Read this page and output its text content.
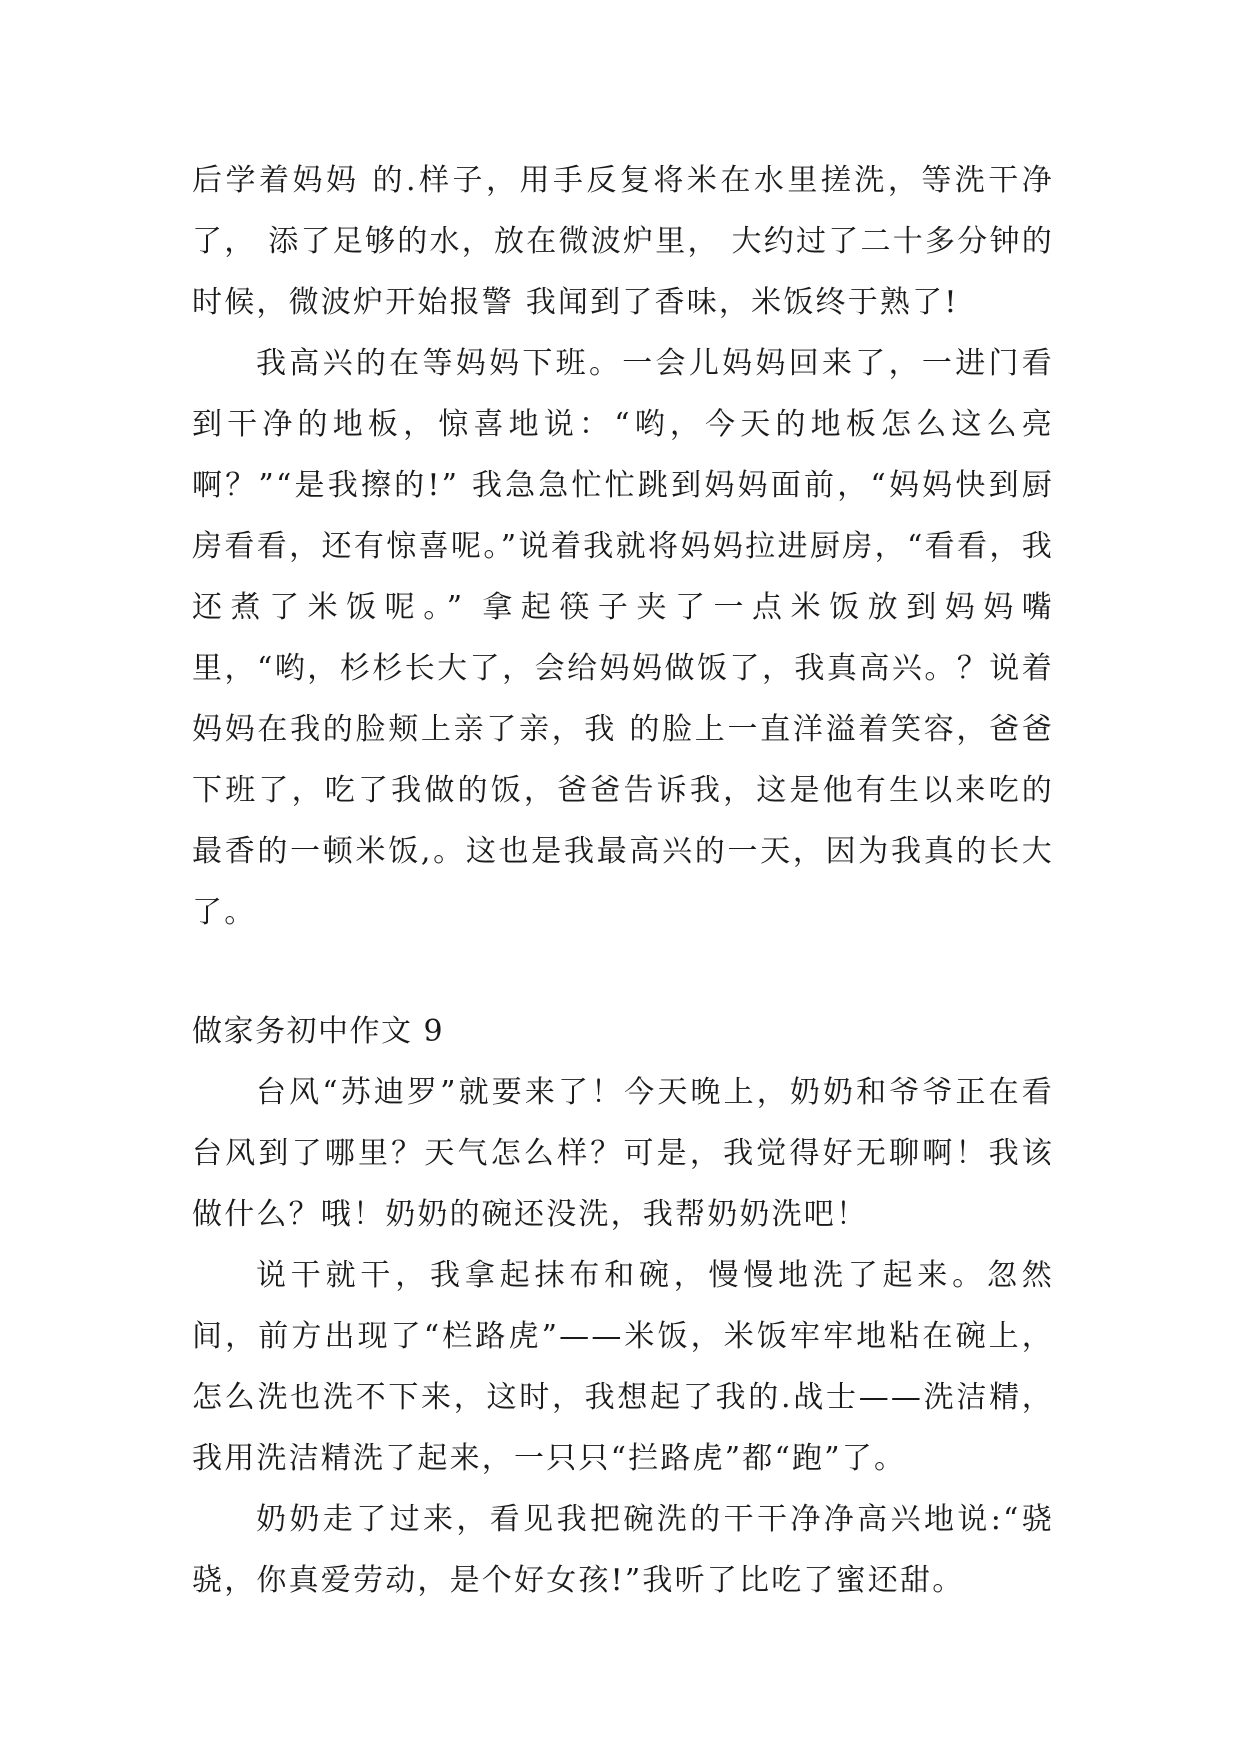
后学着妈妈 的.样子，用手反复将米在水里搓洗，等洗干净了， 添了足够的水，放在微波炉里， 大约过了二十多分钟的时候，微波炉开始报警 我闻到了香味，米饭终于熟了!

我高兴的在等妈妈下班。一会儿妈妈回来了，一进门看到干净的地板，惊喜地说：“哟，今天的地板怎么这么亮啊？”“是我擦的!” 我急急忙忙跳到妈妈面前，“妈妈快到厨房看看，还有惊喜呢。”说着我就将妈妈拉进厨房，“看看，我还煮了米饭呢。” 拿起筷子夹了一点米饭放到妈妈嘴里，“哟，杉杉长大了，会给妈妈做饭了，我真高兴。？说着妈妈在我的脸颊上亲了亲，我 的脸上一直洋溢着笑容，爸爸下班了，吃了我做的饭，爸爸告诉我，这是他有生以来吃的最香的一顿米饭,。这也是我最高兴的一天，因为我真的长大了。

做家务初中作文 9

台风“苏迪罗”就要来了！今天晚上，奶奶和爷爷正在看台风到了哪里？天气怎么样？可是，我觉得好无聊啊！我该做什么？哦！奶奶的碗还没洗，我帮奶奶洗吧！

说干就干，我拿起抹布和碗，慢慢地洗了起来。忽然间，前方出现了“栏路虎”——米饭，米饭牢牢地粘在碗上，怎么洗也洗不下来，这时，我想起了我的.战士——洗洁精，我用洗洁精洗了起来，一只只“拦路虎”都“跑”了。

奶奶走了过来，看见我把碗洗的干干净净高兴地说:“骁骁，你真爱劳动，是个好女孩!”我听了比吃了蜜还甜。
